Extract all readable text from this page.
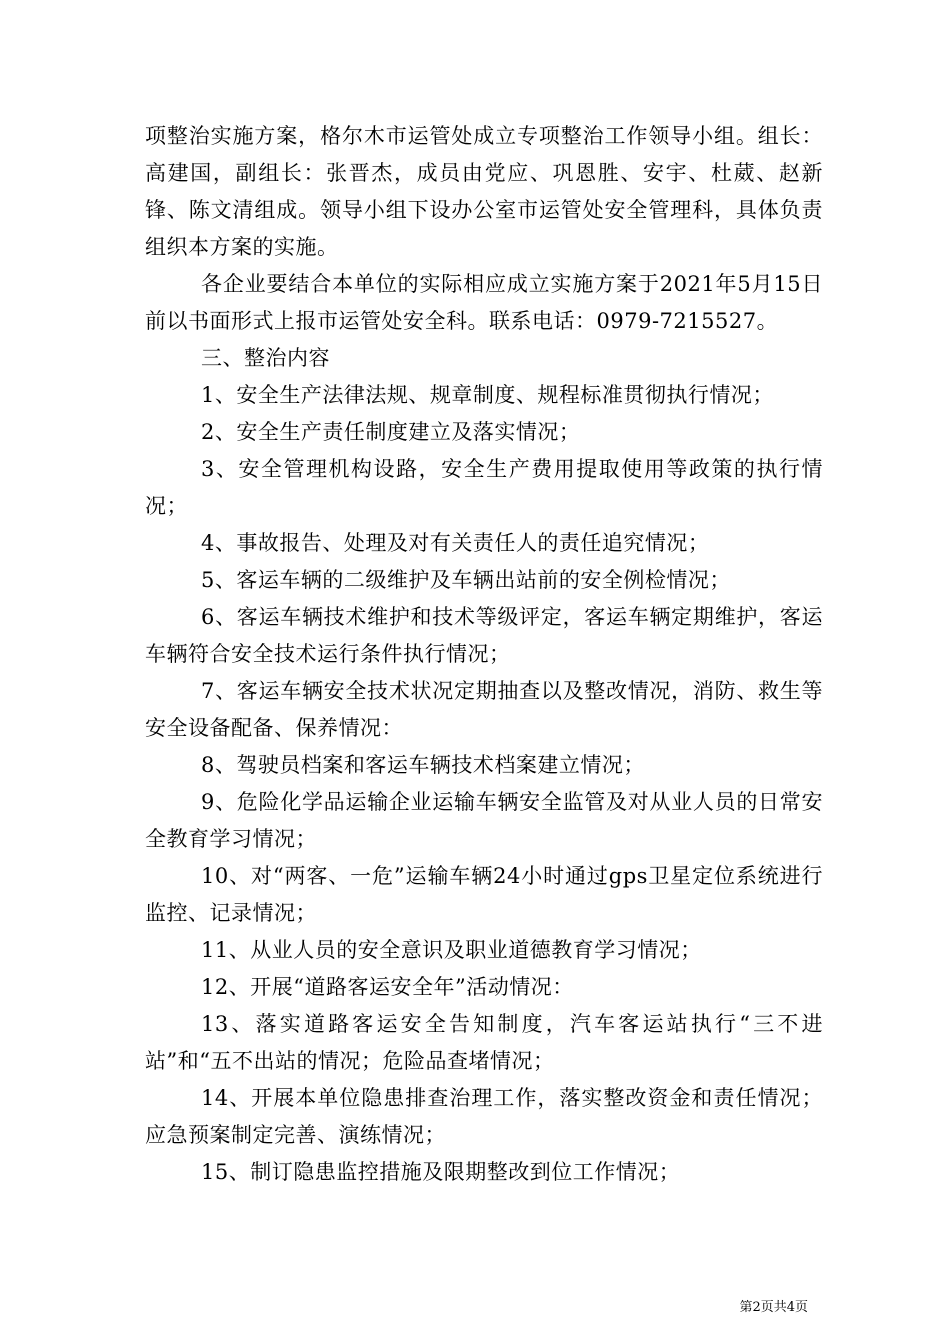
项整治实施方案，格尔木市运管处成立专项整治工作领导小组。组长：高建国，副组长：张晋杰，成员由党应、巩恩胜、安宇、杜葳、赵新锋、陈文清组成。领导小组下设办公室市运管处安全管理科，具体负责组织本方案的实施。

各企业要结合本单位的实际相应成立实施方案于2021年5月15日前以书面形式上报市运管处安全科。联系电话：0979-7215527。

三、整治内容

1、安全生产法律法规、规章制度、规程标准贯彻执行情况；

2、安全生产责任制度建立及落实情况；

3、安全管理机构设路，安全生产费用提取使用等政策的执行情况；

4、事故报告、处理及对有关责任人的责任追究情况；

5、客运车辆的二级维护及车辆出站前的安全例检情况；

6、客运车辆技术维护和技术等级评定，客运车辆定期维护，客运车辆符合安全技术运行条件执行情况；

7、客运车辆安全技术状况定期抽查以及整改情况，消防、救生等安全设备配备、保养情况：

8、驾驶员档案和客运车辆技术档案建立情况；

9、危险化学品运输企业运输车辆安全监管及对从业人员的日常安全教育学习情况；

10、对“两客、一危”运输车辆24小时通过gps卫星定位系统进行监控、记录情况；

11、从业人员的安全意识及职业道德教育学习情况；

12、开展“道路客运安全年”活动情况：

13、落实道路客运安全告知制度，汽车客运站执行“三不进站”和“五不出站的情况；危险品查堵情况；

14、开展本单位隐患排查治理工作，落实整改资金和责任情况；应急预案制定完善、演练情况；

15、制订隐患监控措施及限期整改到位工作情况；

第2页共4页
